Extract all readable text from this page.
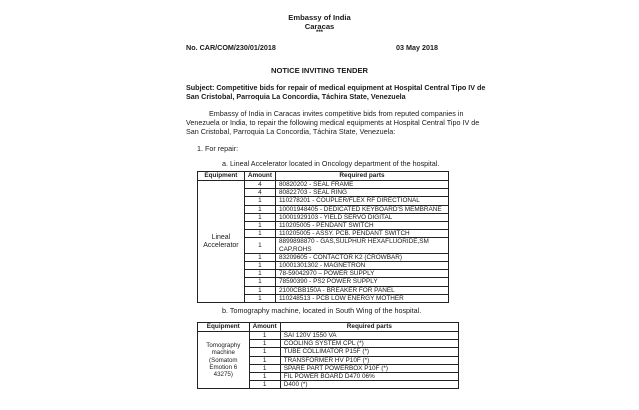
Embassy of India
Caracas
***
No. CAR/COM/230/01/2018	03 May 2018
NOTICE INVITING TENDER
Subject: Competitive bids for repair of medical equipment at Hospital Central Tipo IV de
San Cristobal, Parroquia La Concordia, Táchira State, Venezuela
Embassy of India in Caracas invites competitive bids from reputed companies in
Venezuela or India, to repair the following medical equipments at Hospital Central Tipo IV de
San Cristobal, Parroquia La Concordia, Táchira State, Venezuela:
1. For repair:
a. Lineal Accelerator located in Oncology department of the hospital.
Equipment	Amount	Required parts
Lineal Accelerator	4	80820202 - SEAL FRAME
	4	80822703 - SEAL RING
	1	110278201 - COUPLER/FLEX RF DIRECTIONAL
	1	10001948405 - DEDICATED KEYBOARD'S MEMBRANE
	1	10001929103 - YIELD SERVO DIGITAL
	1	110205005 - PENDANT SWITCH
	1	110205005 - ASSY. PCB. PENDANT SWITCH
	1	8899898870 - GAS,SULPHUR HEXAFLUORIDE,SM
CAP,ROHS

	1	83209605 - CONTACTOR K2 (CROWBAR)
	1	10001301302 - MAGNETRON
	1	78-59042970 – POWER SUPPLY
	1	78590390 - PS2 POWER SUPPLY
	1	2100CBB150A - BREAKER FOR PANEL
	1	110248513 - PCB LOW ENERGY MOTHER
b. Tomography machine, located in South Wing of the hospital.
Equipment	Amount	Required parts

Tomography
machine
(Somatom
Emotion 6 43275)	1	SAI 120V 1550 VA
	1	COOLING SYSTEM CPL (*)
	1	TUBE COLLIMATOR P15F (*)
	1	TRANSFORMER HV P10F (*)
	1	SPARE PART POWERBOX P10F (*)
	1	FIL POWER BOARD D470 06%
	1	D400 (*)
